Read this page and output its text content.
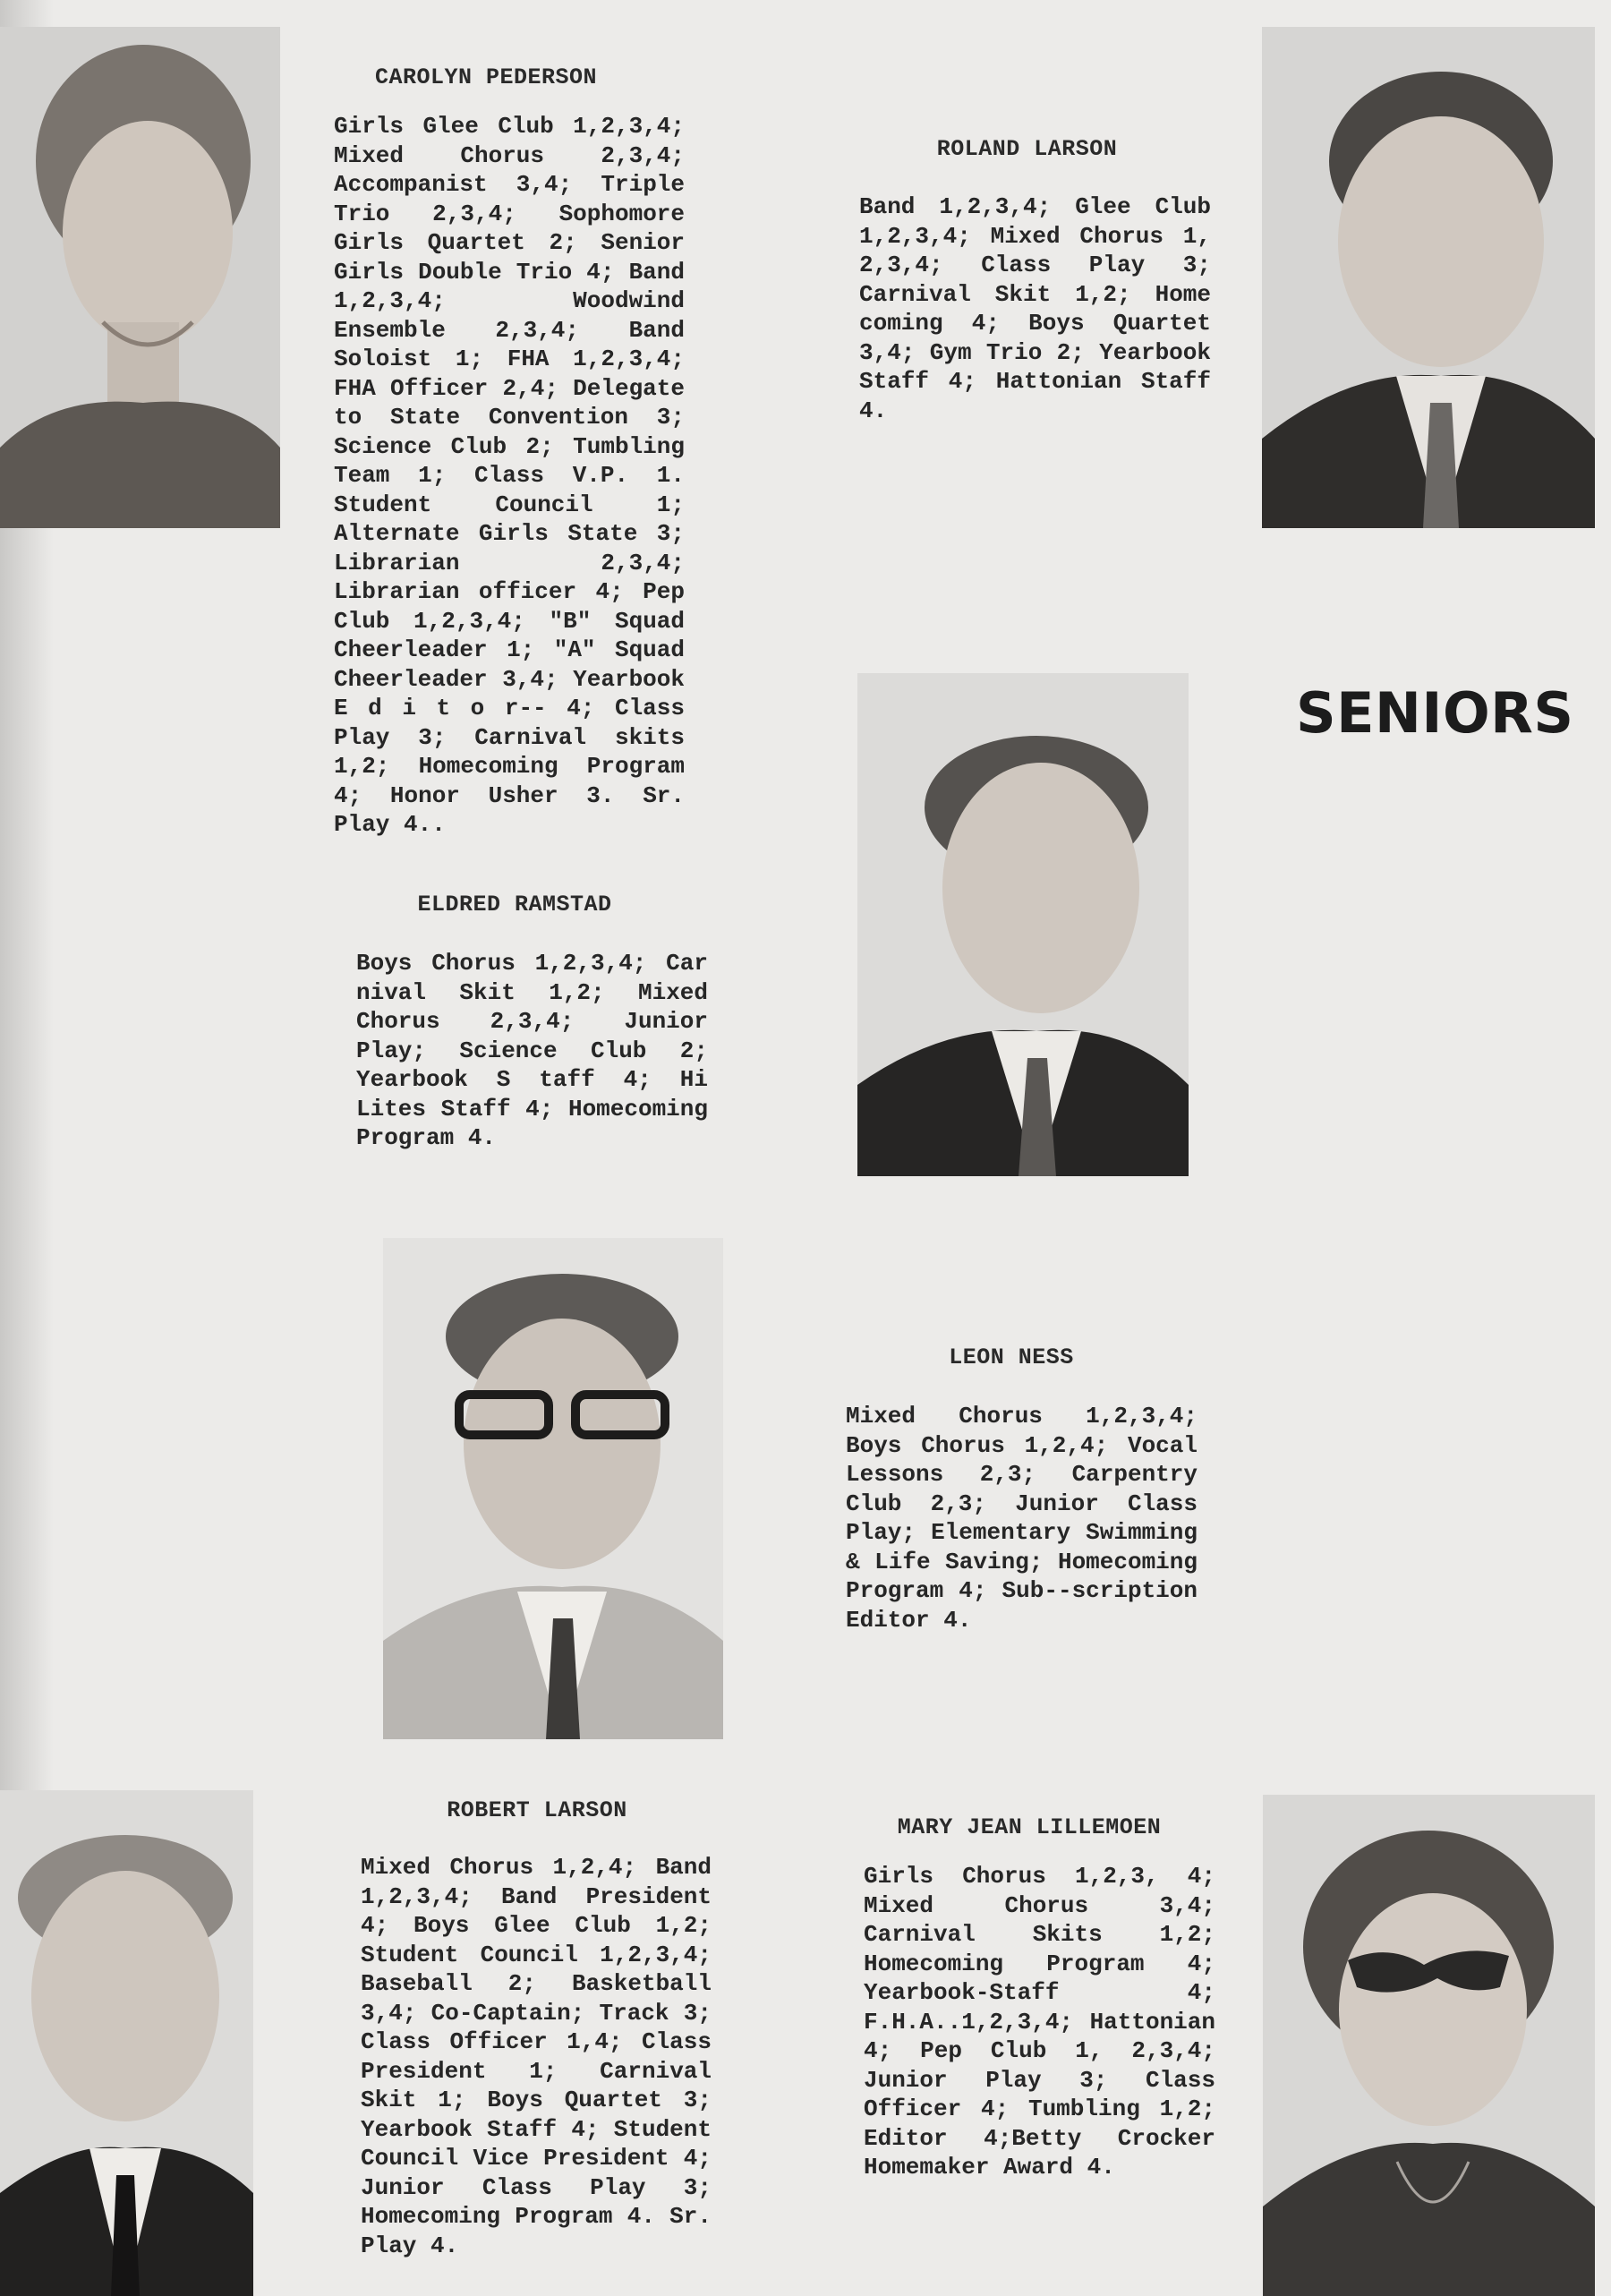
CAROLYN PEDERSON
Girls Glee Club 1,2,3,4; Mixed Chorus 2,3,4; Accompanist 3,4; Triple Trio 2,3,4; Sophomore Girls Quartet 2; Senior Girls Double Trio 4; Band 1,2,3,4; Woodwind Ensemble 2,3,4; Band Soloist 1; FHA 1,2,3,4; FHA Officer 2,4; Delegate to State Convention 3; Science Club 2; Tumbling Team 1; Class V.P. 1. Student Council 1; Alternate Girls State 3; Librarian 2,3,4; Librarian officer 4; Pep Club 1,2,3,4; "B" Squad Cheerleader 1; "A" Squad Cheerleader 3,4; Yearbook E d i t o r-- 4; Class Play 3; Carnival skits 1,2; Homecoming Program 4; Honor Usher 3. Sr. Play 4..
ROLAND LARSON
Band 1,2,3,4; Glee Club 1,2,3,4; Mixed Chorus 1, 2,3,4; Class Play 3; Carnival Skit 1,2; Home coming 4; Boys Quartet 3,4; Gym Trio 2; Yearbook Staff 4; Hattonian Staff 4.
SENIORS
ELDRED RAMSTAD
Boys Chorus 1,2,3,4; Car nival Skit 1,2; Mixed Chorus 2,3,4; Junior Play; Science Club 2; Yearbook S taff 4; Hi Lites Staff 4; Homecoming Program 4.
LEON NESS
Mixed Chorus 1,2,3,4; Boys Chorus 1,2,4; Vocal Lessons 2,3; Carpentry Club 2,3; Junior Class Play; Elementary Swimming & Life Saving; Homecoming Program 4; Sub--scription Editor 4.
ROBERT LARSON
Mixed Chorus 1,2,4; Band 1,2,3,4; Band President 4; Boys Glee Club 1,2; Student Council 1,2,3,4; Baseball 2; Basketball 3,4; Co-Captain; Track 3; Class Officer 1,4; Class President 1; Carnival Skit 1; Boys Quartet 3; Yearbook Staff 4; Student Council Vice President 4; Junior Class Play 3; Homecoming Program 4. Sr. Play 4.
MARY JEAN LILLEMOEN
Girls Chorus 1,2,3, 4; Mixed Chorus 3,4; Carnival Skits 1,2; Homecoming Program 4; Yearbook-Staff 4; F.H.A..1,2,3,4; Hattonian 4; Pep Club 1, 2,3,4; Junior Play 3; Class Officer 4; Tumbling 1,2; Editor 4;Betty Crocker Homemaker Award 4.
